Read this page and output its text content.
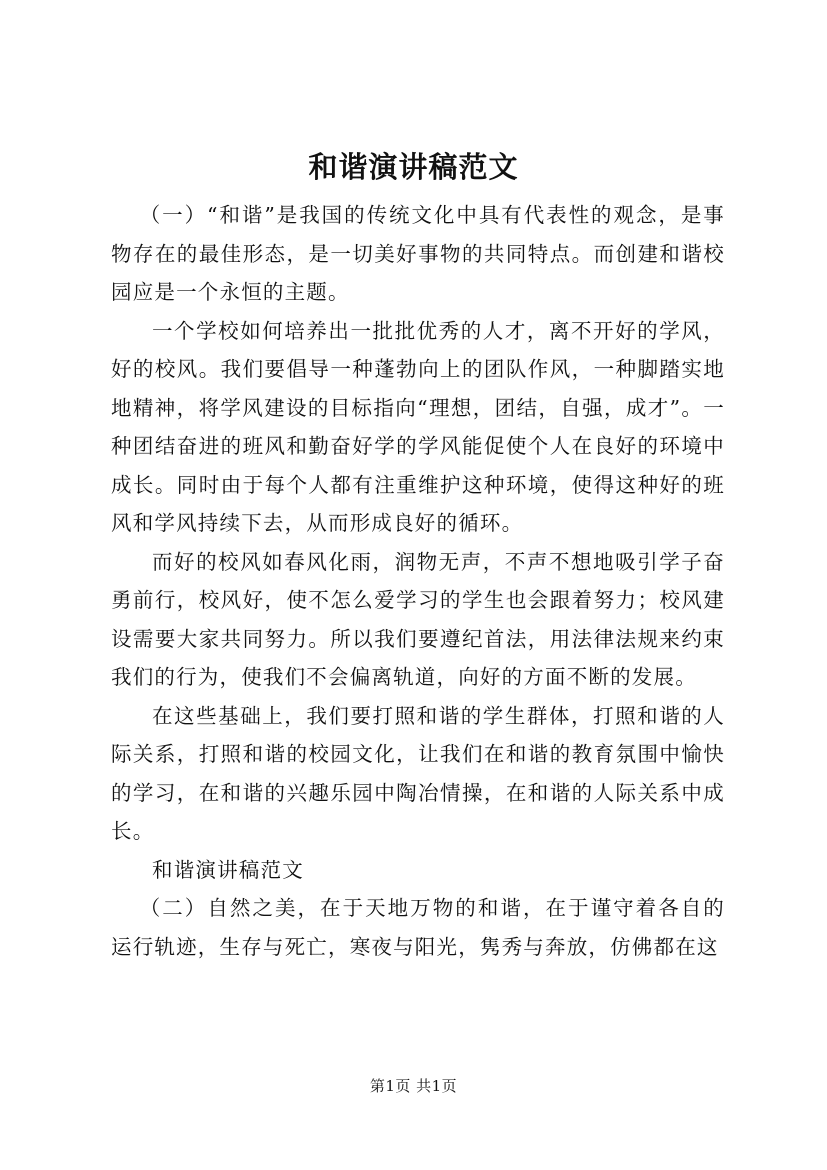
和谐演讲稿范文

（一）“和谐”是我国的传统文化中具有代表性的观念，是事物存在的最佳形态，是一切美好事物的共同特点。而创建和谐校园应是一个永恒的主题。

一个学校如何培养出一批批优秀的人才，离不开好的学风，好的校风。我们要倡导一种蓬勃向上的团队作风，一种脚踏实地地精神，将学风建设的目标指向“理想，团结，自强，成才”。一种团结奋进的班风和勤奋好学的学风能促使个人在良好的环境中成长。同时由于每个人都有注重维护这种环境，使得这种好的班风和学风持续下去，从而形成良好的循环。

而好的校风如春风化雨，润物无声，不声不想地吸引学子奋勇前行，校风好，使不怎么爱学习的学生也会跟着努力；校风建设需要大家共同努力。所以我们要遵纪首法，用法律法规来约束我们的行为，使我们不会偏离轨道，向好的方面不断的发展。

在这些基础上，我们要打照和谐的学生群体，打照和谐的人际关系，打照和谐的校园文化，让我们在和谐的教育氛围中愉快的学习，在和谐的兴趣乐园中陶冶情操，在和谐的人际关系中成长。

和谐演讲稿范文

（二）自然之美，在于天地万物的和谐，在于谨守着各自的运行轨迹，生存与死亡，寒夜与阳光，隽秀与奔放，仿佛都在这

第1页 共1页
